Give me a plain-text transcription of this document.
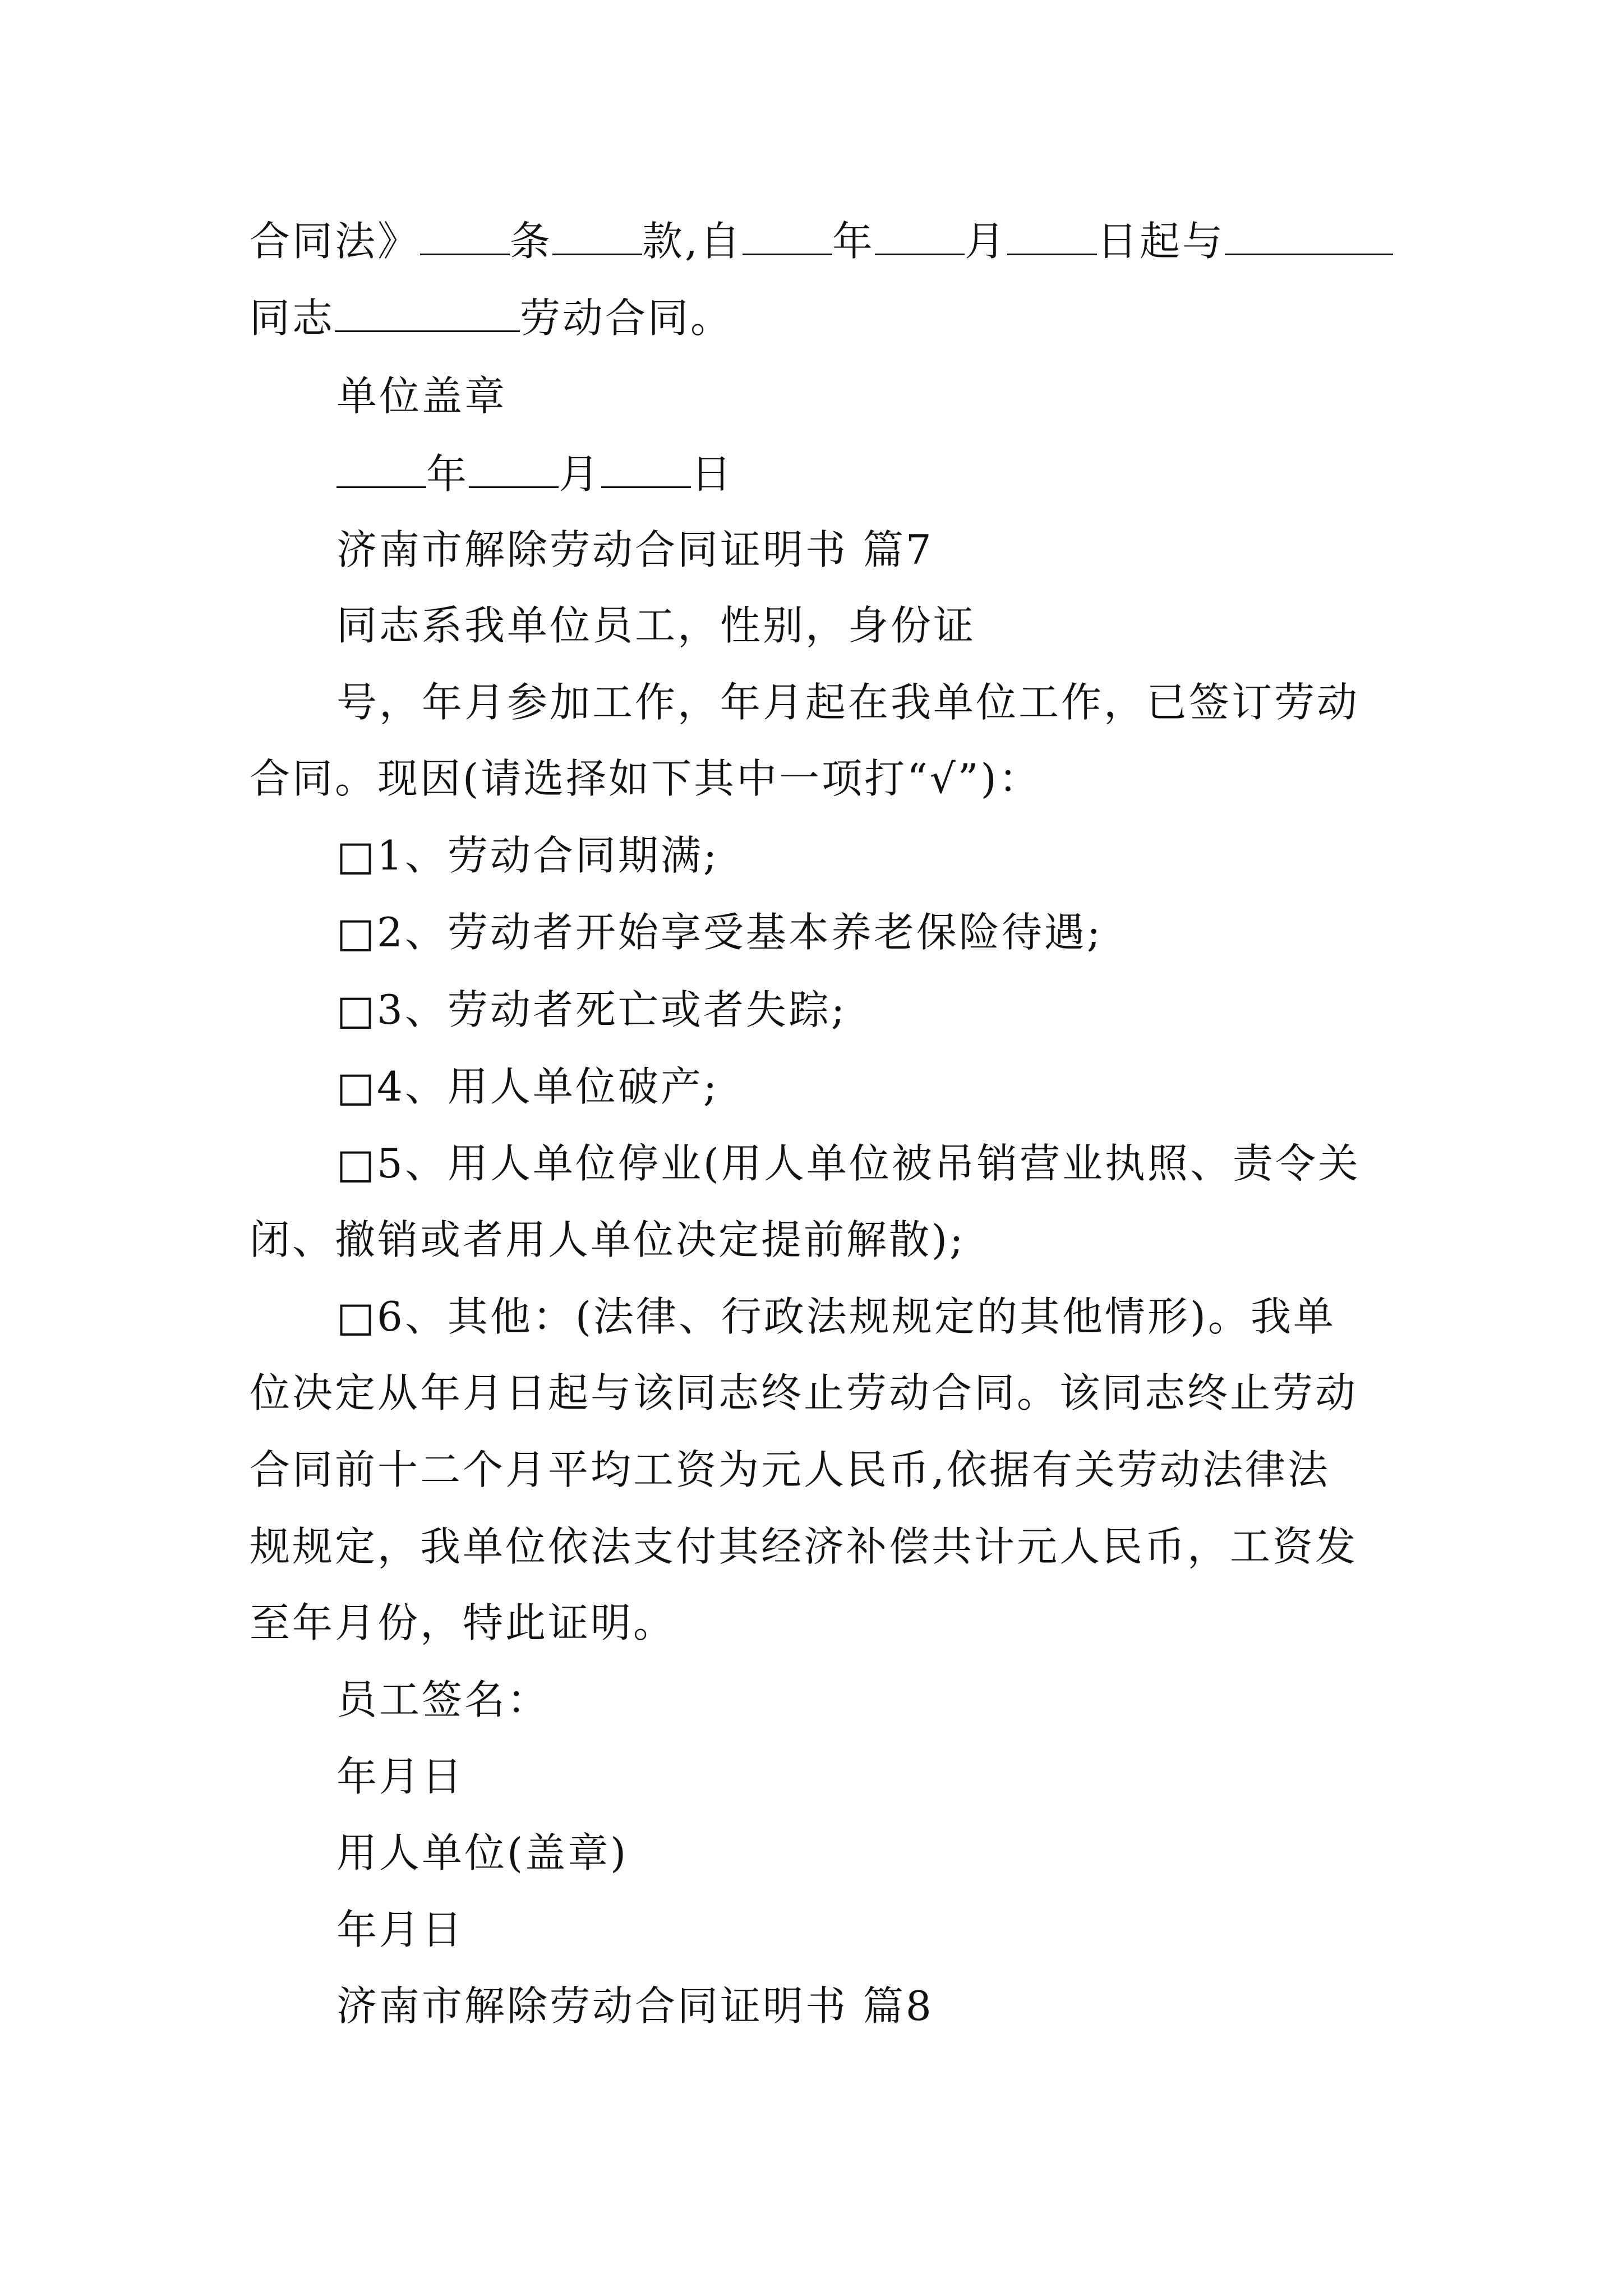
合同法》 条 款,自 年 月 日起与
同志	劳动合同。
单位盖章
年 月 日
济南市解除劳动合同证明书 篇7
同志系我单位员工，性别，身份证
号，年月参加工作，年月起在我单位工作，已签订劳动
合同。现因(请选择如下其中一项打“√”)：
□1、劳动合同期满;
□2、劳动者开始享受基本养老保险待遇;
□3、劳动者死亡或者失踪;
□4、用人单位破产;
□5、用人单位停业(用人单位被吊销营业执照、责令关
闭、撤销或者用人单位决定提前解散);
□6、其他：(法律、行政法规规定的其他情形)。我单
位决定从年月日起与该同志终止劳动合同。该同志终止劳动
合同前十二个月平均工资为元人民币,依据有关劳动法律法
规规定，我单位依法支付其经济补偿共计元人民币，工资发
至年月份，特此证明。
员工签名：
年月日
用人单位(盖章)
年月日
济南市解除劳动合同证明书 篇8
